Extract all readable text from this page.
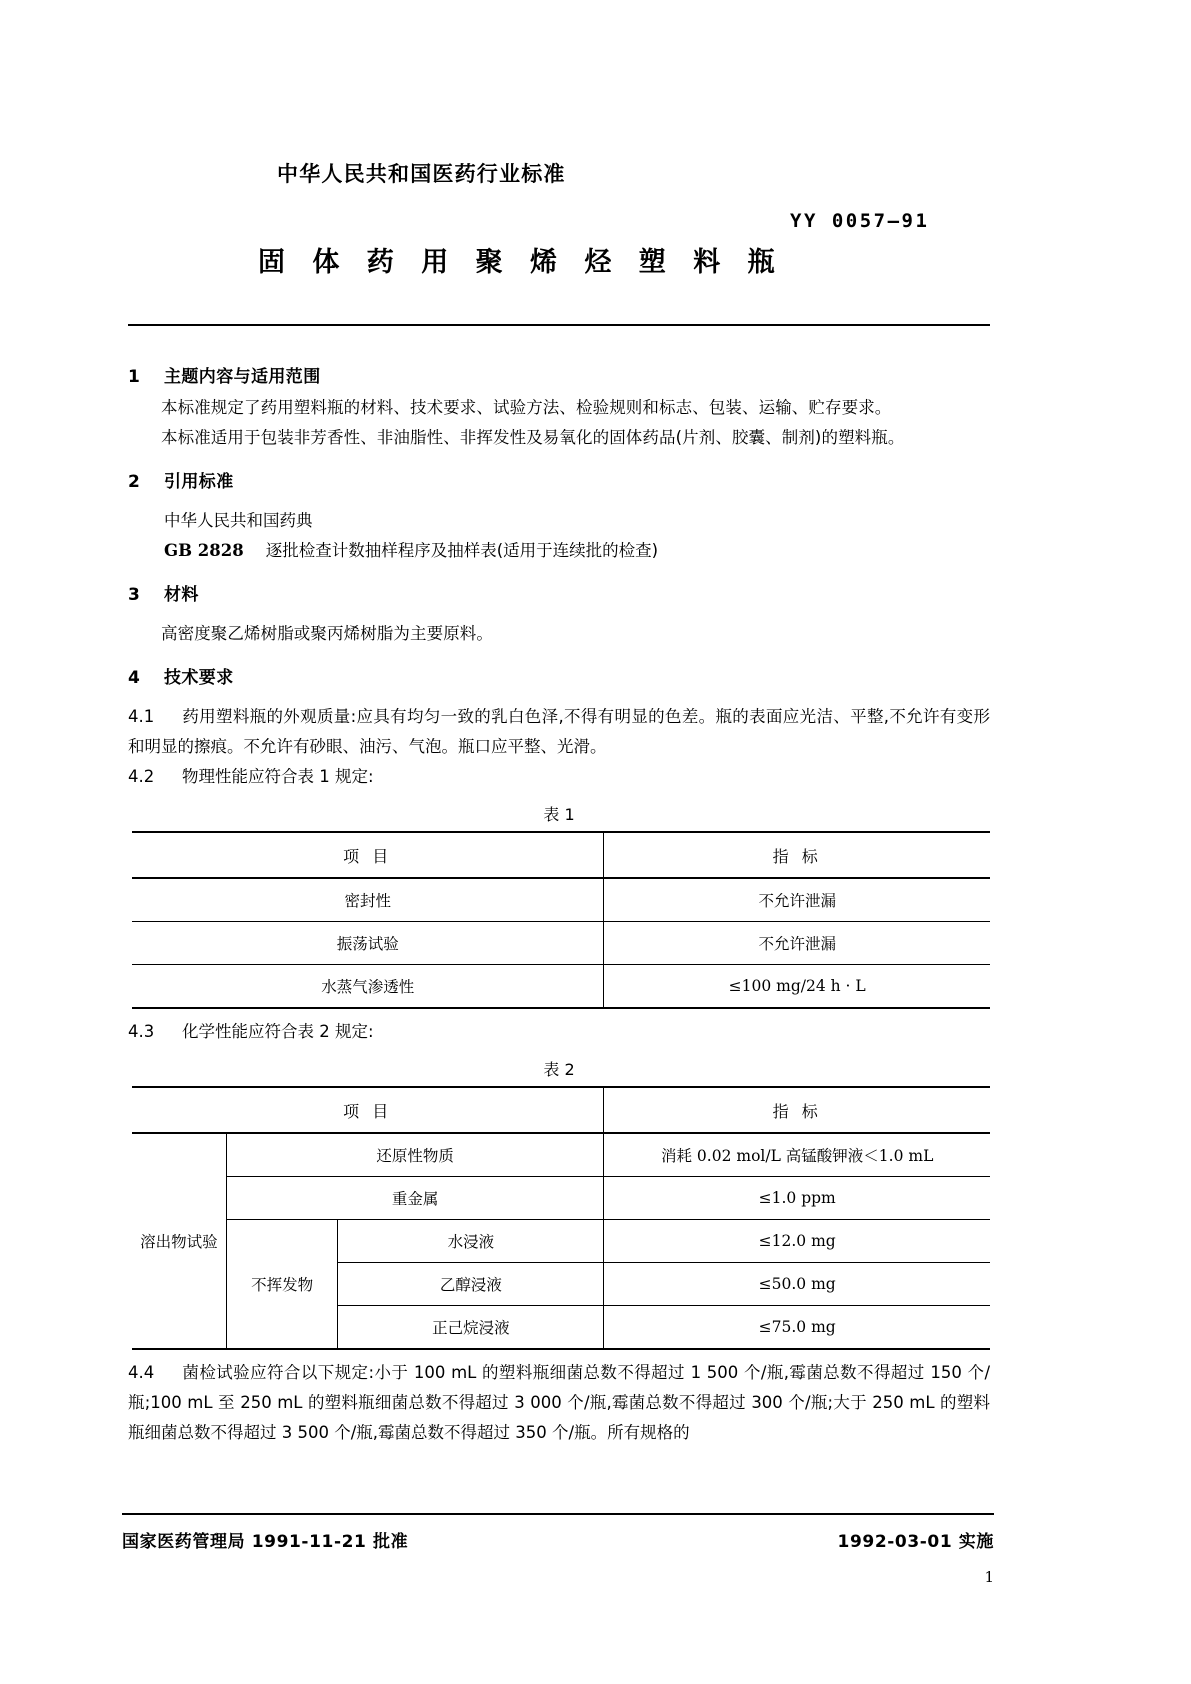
中华人民共和国医药行业标准
YY 0057—91
固 体 药 用 聚 烯 烃 塑 料 瓶
1 主题内容与适用范围

本标准规定了药用塑料瓶的材料、技术要求、试验方法、检验规则和标志、包装、运输、贮存要求。

本标准适用于包装非芳香性、非油脂性、非挥发性及易氧化的固体药品(片剂、胶囊、制剂)的塑料瓶。

2 引用标准

中华人民共和国药典

GB 2828 逐批检查计数抽样程序及抽样表(适用于连续批的检查)

3 材料

高密度聚乙烯树脂或聚丙烯树脂为主要原料。

4 技术要求

4.1 药用塑料瓶的外观质量:应具有均匀一致的乳白色泽,不得有明显的色差。瓶的表面应光洁、平整,不允许有变形和明显的擦痕。不允许有砂眼、油污、气泡。瓶口应平整、光滑。

4.2 物理性能应符合表 1 规定:

表 1
项 目	指 标
密封性	不允许泄漏
振荡试验	不允许泄漏
水蒸气渗透性	≤100 mg/24 h · L

4.3 化学性能应符合表 2 规定:

表 2
项 目			指 标
溶出物试验	还原性物质		消耗 0.02 mol/L 高锰酸钾液＜1.0 mL
	重金属		≤1.0 ppm
	不挥发物	水浸液	≤12.0 mg
		乙醇浸液	≤50.0 mg
		正己烷浸液	≤75.0 mg

4.4 菌检试验应符合以下规定:小于 100 mL 的塑料瓶细菌总数不得超过 1 500 个/瓶,霉菌总数不得超过 150 个/瓶;100 mL 至 250 mL 的塑料瓶细菌总数不得超过 3 000 个/瓶,霉菌总数不得超过 300 个/瓶;大于 250 mL 的塑料瓶细菌总数不得超过 3 500 个/瓶,霉菌总数不得超过 350 个/瓶。所有规格的

国家医药管理局 1991-11-21 批准	1992-03-01 实施
1
